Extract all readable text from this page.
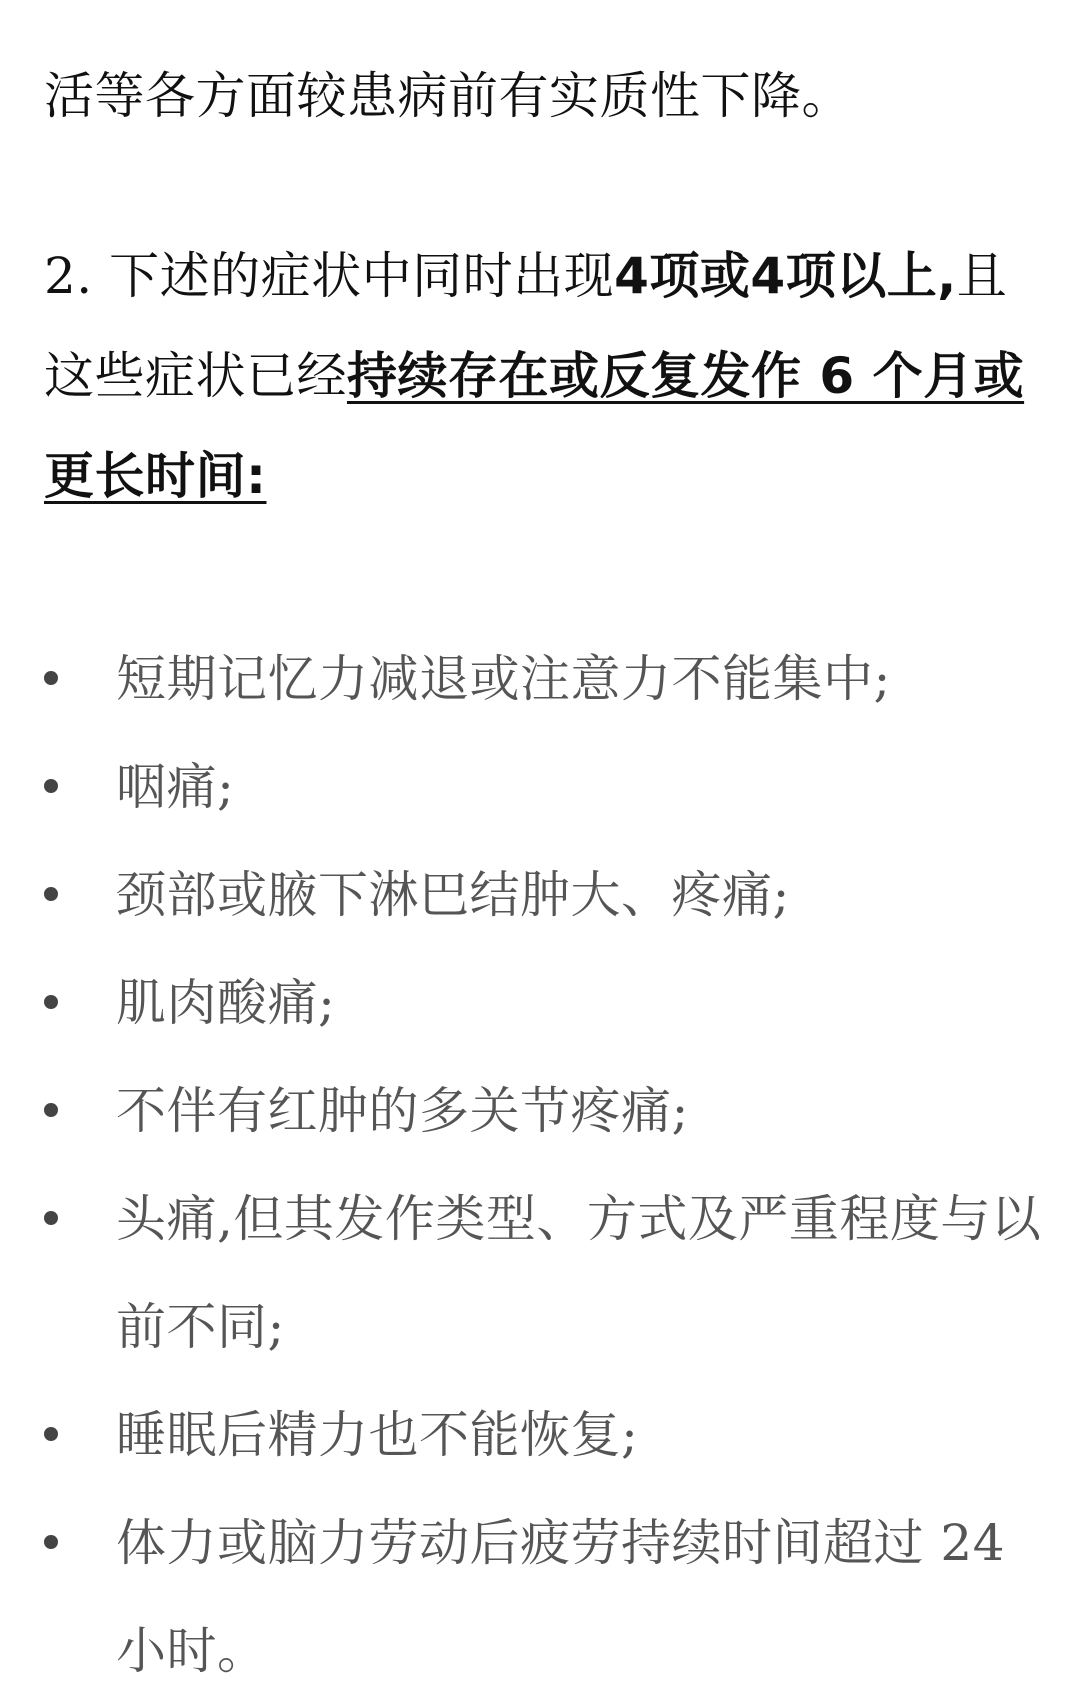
活等各方面较患病前有实质性下降。

2. 下述的症状中同时出现4项或4项以上,且这些症状已经持续存在或反复发作 6 个月或更长时间:

短期记忆力减退或注意力不能集中;
咽痛;
颈部或腋下淋巴结肿大、疼痛;
肌肉酸痛;
不伴有红肿的多关节疼痛;
头痛,但其发作类型、方式及严重程度与以前不同;
睡眠后精力也不能恢复;
体力或脑力劳动后疲劳持续时间超过 24 小时。
